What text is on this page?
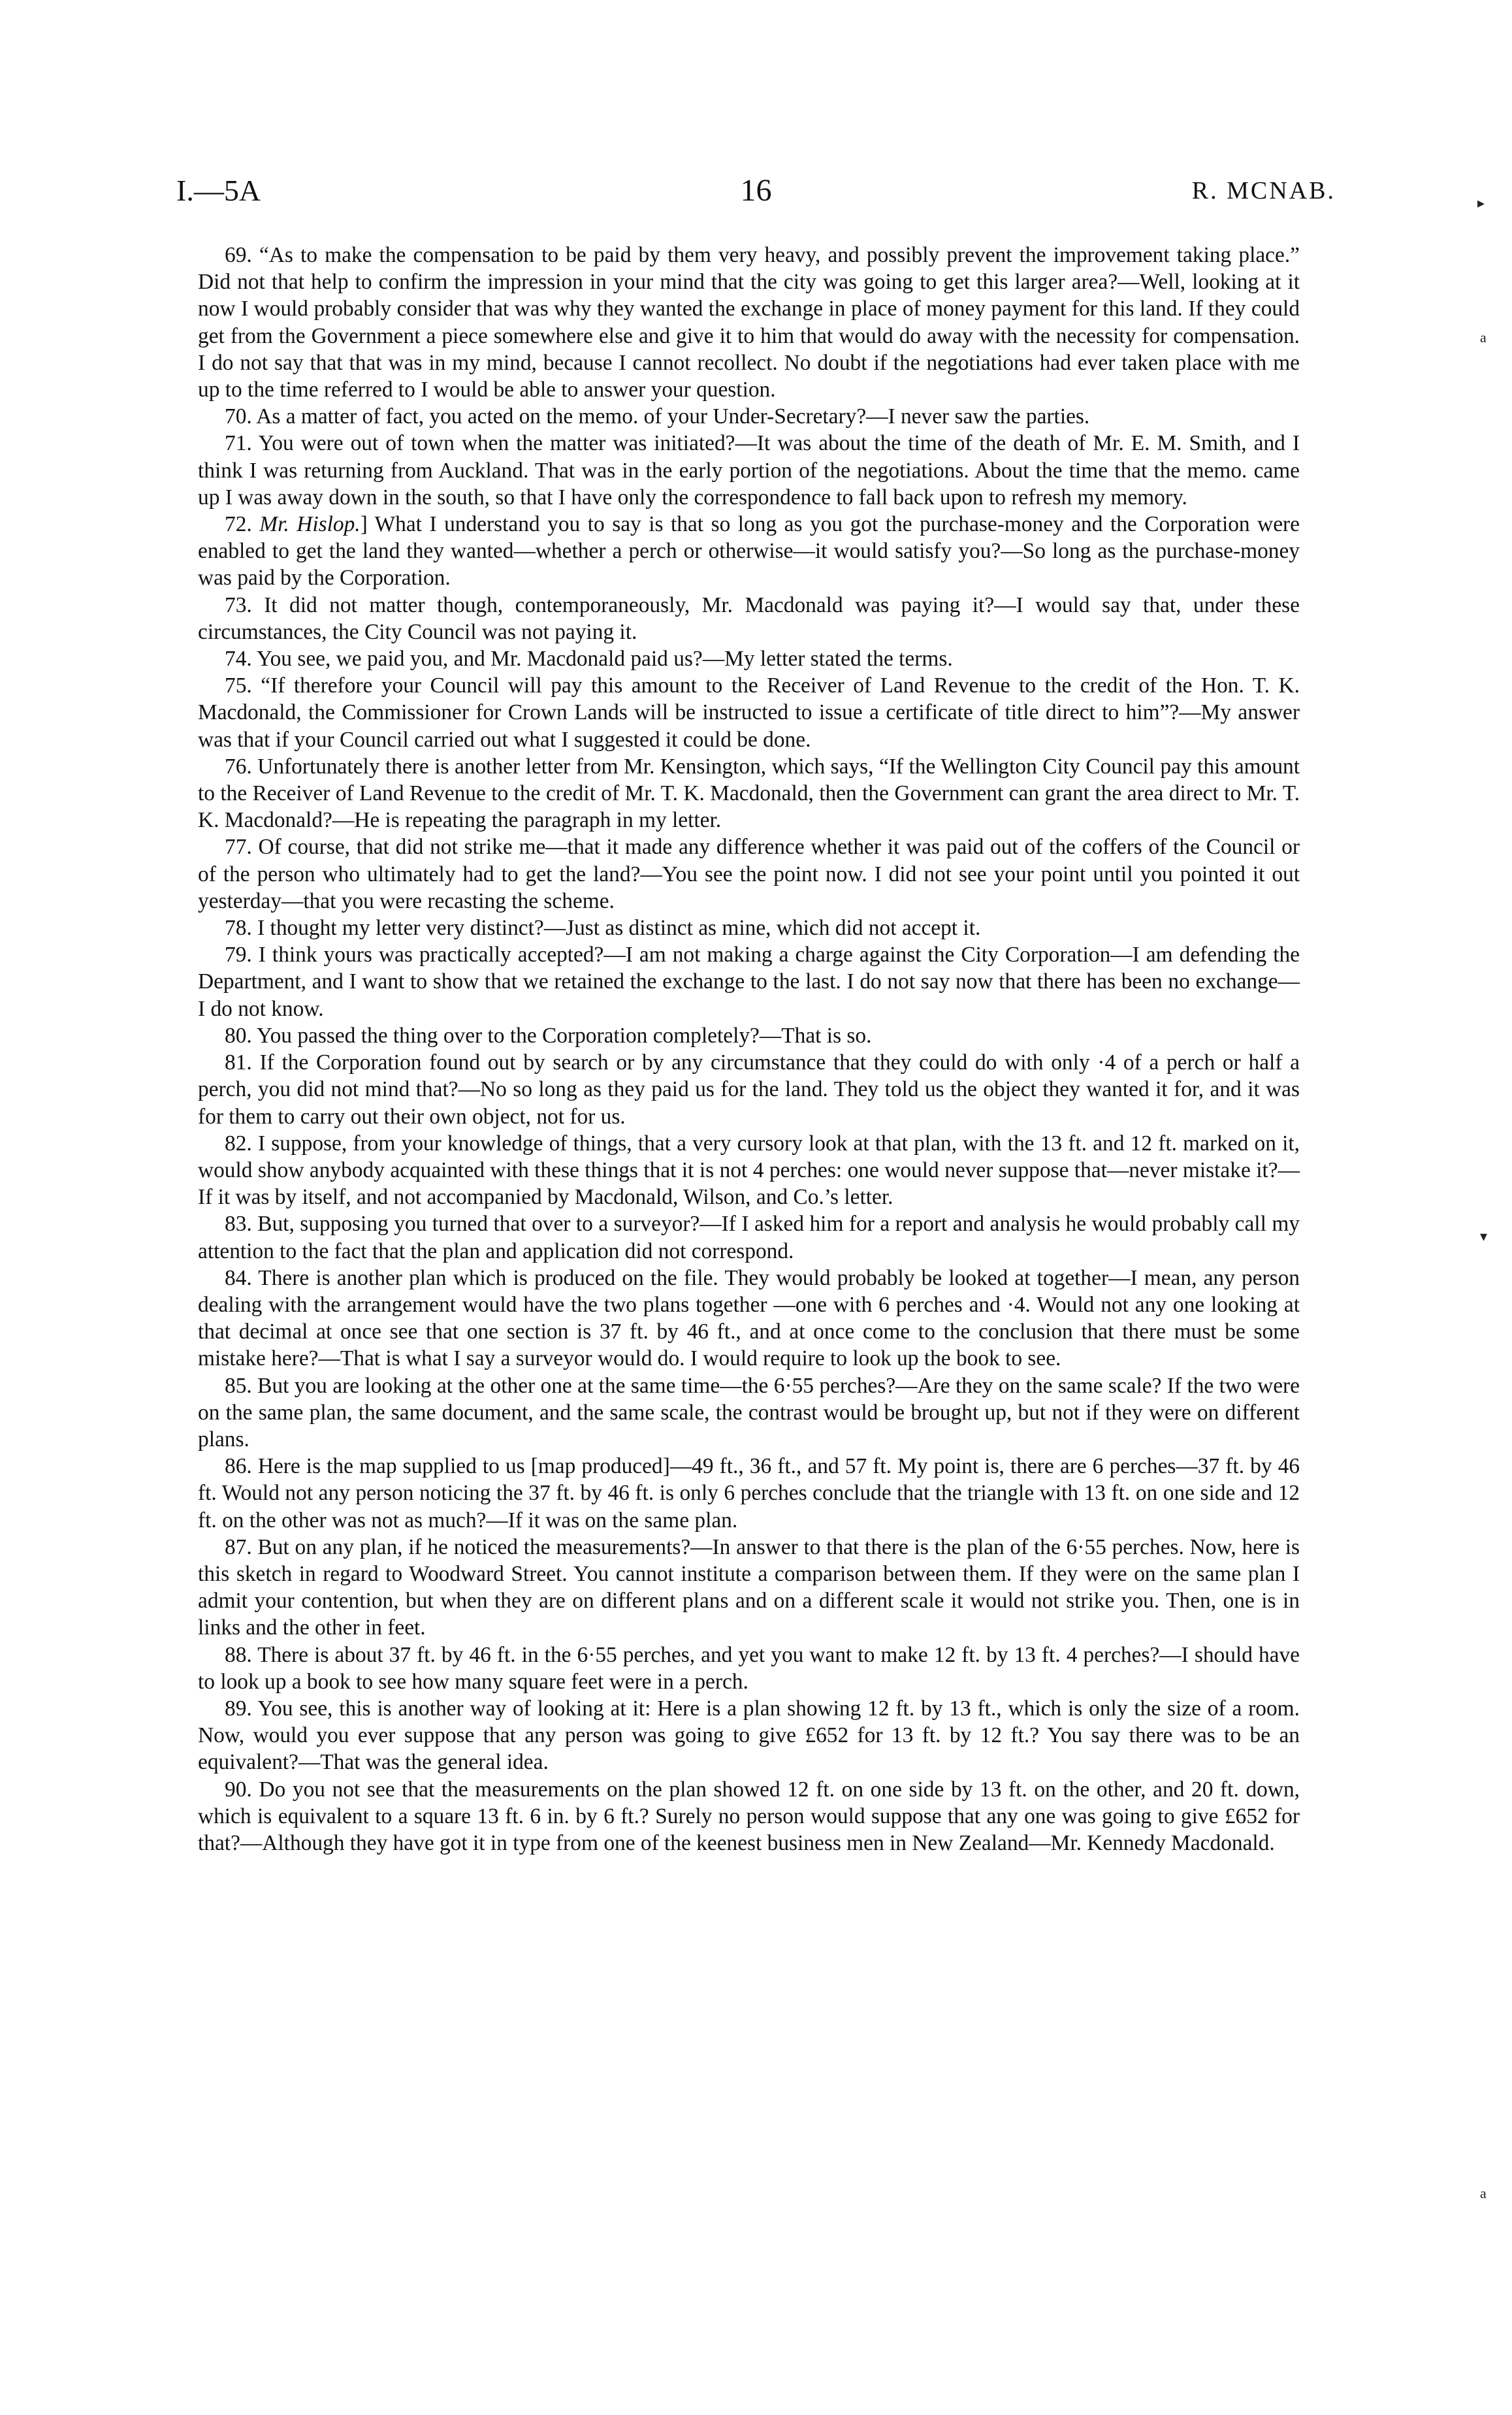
I.—5A	16	R. MCNAB.

69. “As to make the compensation to be paid by them very heavy, and possibly prevent the improvement taking place.” Did not that help to confirm the impression in your mind that the city was going to get this larger area?—Well, looking at it now I would probably consider that was why they wanted the exchange in place of money payment for this land. If they could get from the Government a piece somewhere else and give it to him that would do away with the necessity for compensation. I do not say that that was in my mind, because I cannot recollect. No doubt if the negotiations had ever taken place with me up to the time referred to I would be able to answer your question.

70. As a matter of fact, you acted on the memo. of your Under-Secretary?—I never saw the parties.

71. You were out of town when the matter was initiated?—It was about the time of the death of Mr. E. M. Smith, and I think I was returning from Auckland. That was in the early portion of the negotiations. About the time that the memo. came up I was away down in the south, so that I have only the correspondence to fall back upon to refresh my memory.

72. Mr. Hislop.] What I understand you to say is that so long as you got the purchase-money and the Corporation were enabled to get the land they wanted—whether a perch or otherwise—it would satisfy you?—So long as the purchase-money was paid by the Corporation.

73. It did not matter though, contemporaneously, Mr. Macdonald was paying it?—I would say that, under these circumstances, the City Council was not paying it.

74. You see, we paid you, and Mr. Macdonald paid us?—My letter stated the terms.

75. “If therefore your Council will pay this amount to the Receiver of Land Revenue to the credit of the Hon. T. K. Macdonald, the Commissioner for Crown Lands will be instructed to issue a certificate of title direct to him”?—My answer was that if your Council carried out what I suggested it could be done.

76. Unfortunately there is another letter from Mr. Kensington, which says, “If the Wellington City Council pay this amount to the Receiver of Land Revenue to the credit of Mr. T. K. Macdonald, then the Government can grant the area direct to Mr. T. K. Macdonald?—He is repeating the paragraph in my letter.

77. Of course, that did not strike me—that it made any difference whether it was paid out of the coffers of the Council or of the person who ultimately had to get the land?—You see the point now. I did not see your point until you pointed it out yesterday—that you were recasting the scheme.

78. I thought my letter very distinct?—Just as distinct as mine, which did not accept it.

79. I think yours was practically accepted?—I am not making a charge against the City Corporation—I am defending the Department, and I want to show that we retained the exchange to the last. I do not say now that there has been no exchange—I do not know.

80. You passed the thing over to the Corporation completely?—That is so.

81. If the Corporation found out by search or by any circumstance that they could do with only ·4 of a perch or half a perch, you did not mind that?—No so long as they paid us for the land. They told us the object they wanted it for, and it was for them to carry out their own object, not for us.

82. I suppose, from your knowledge of things, that a very cursory look at that plan, with the 13 ft. and 12 ft. marked on it, would show anybody acquainted with these things that it is not 4 perches: one would never suppose that—never mistake it?—If it was by itself, and not accompanied by Macdonald, Wilson, and Co.’s letter.

83. But, supposing you turned that over to a surveyor?—If I asked him for a report and analysis he would probably call my attention to the fact that the plan and application did not correspond.

84. There is another plan which is produced on the file. They would probably be looked at together—I mean, any person dealing with the arrangement would have the two plans together —one with 6 perches and ·4. Would not any one looking at that decimal at once see that one section is 37 ft. by 46 ft., and at once come to the conclusion that there must be some mistake here?—That is what I say a surveyor would do. I would require to look up the book to see.

85. But you are looking at the other one at the same time—the 6·55 perches?—Are they on the same scale? If the two were on the same plan, the same document, and the same scale, the contrast would be brought up, but not if they were on different plans.

86. Here is the map supplied to us [map produced]—49 ft., 36 ft., and 57 ft. My point is, there are 6 perches—37 ft. by 46 ft. Would not any person noticing the 37 ft. by 46 ft. is only 6 perches conclude that the triangle with 13 ft. on one side and 12 ft. on the other was not as much?—If it was on the same plan.

87. But on any plan, if he noticed the measurements?—In answer to that there is the plan of the 6·55 perches. Now, here is this sketch in regard to Woodward Street. You cannot institute a comparison between them. If they were on the same plan I admit your contention, but when they are on different plans and on a different scale it would not strike you. Then, one is in links and the other in feet.

88. There is about 37 ft. by 46 ft. in the 6·55 perches, and yet you want to make 12 ft. by 13 ft. 4 perches?—I should have to look up a book to see how many square feet were in a perch.

89. You see, this is another way of looking at it: Here is a plan showing 12 ft. by 13 ft., which is only the size of a room. Now, would you ever suppose that any person was going to give £652 for 13 ft. by 12 ft.? You say there was to be an equivalent?—That was the general idea.

90. Do you not see that the measurements on the plan showed 12 ft. on one side by 13 ft. on the other, and 20 ft. down, which is equivalent to a square 13 ft. 6 in. by 6 ft.? Surely no person would suppose that any one was going to give £652 for that?—Although they have got it in type from one of the keenest business men in New Zealand—Mr. Kennedy Macdonald.

▸
a
▾
a
